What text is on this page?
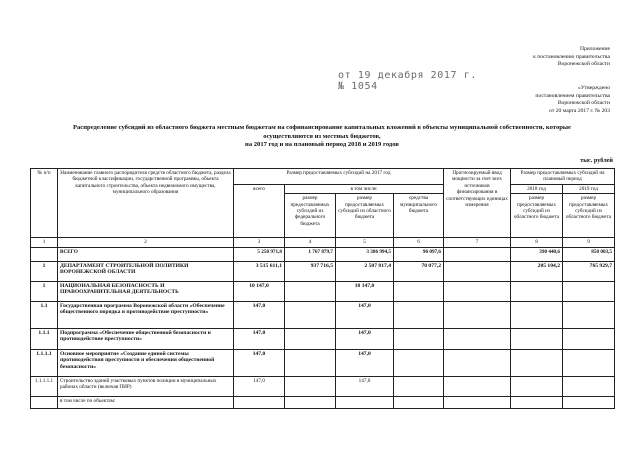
Приложение
к постановлению правительства
Воронежской области
от 19 декабря 2017 г. № 1054	«Утверждено
постановлением правительства
Воронежской области
от 20 марта 2017 г. № 203
Распределение субсидий из областного бюджета местным бюджетам на софинансирование капитальных вложений в объекты муниципальной собственности, которые
осуществляются из местных бюджетов,
на 2017 год и на плановый период 2018 и 2019 годов
тыс. рублей
№ п/п	Наименование главного распорядителя средств областного бюджета, раздела бюджетной классификации, государственной программы, объекта капитального строительства, объекта недвижимого имущества, муниципального образования	Размер предоставляемых субсидий на 2017 год				Прогнозируемый ввод мощности за счет всех источников финансирования в соответствующих единицах измерения	Размер предоставляемых субсидий на плановый период	
		всего	в том числе:				2018 год	2019 год
			размер предоставляемых субсидий из федерального бюджета	размер предоставляемых субсидий из областного бюджета	средства муниципального бюджета		размер предоставляемых субсидий из областного бюджета	размер предоставляемых субсидий из областного бюджета
1	2	3	4	5	6	7	8	9
	ВСЕГО	5 250 971,8	1 767 879,7	3 386 994,5	96 097,6		390 440,6	850 003,5
1	ДЕПАРТАМЕНТ СТРОИТЕЛЬНОЙ ПОЛИТИКИ ВОРОНЕЖСКОЙ ОБЛАСТИ	3 515 611,1	937 716,5	2 507 817,4	70 077,2		205 104,2	765 929,7
1	НАЦИОНАЛЬНАЯ БЕЗОПАСНОСТЬ И ПРАВООХРАНИТЕЛЬНАЯ ДЕЯТЕЛЬНОСТЬ	10 147,0		10 147,0				
1.1	Государственная программа Воронежской области «Обеспечение общественного порядка и противодействие преступности»	147,0		147,0				
1.1.1	Подпрограмма «Обеспечение общественной безопасности и противодействие преступности»	147,0		147,0				
1.1.1.1	Основное мероприятие «Создание единой системы противодействия преступности и обеспечения общественной безопасности»	147,0		147,0				
1.1.1.1.1	Строительство зданий участковых пунктов полиции в муниципальных районах области (включая ПИР)	147,0		147,0				
	в том числе по объектам:							
